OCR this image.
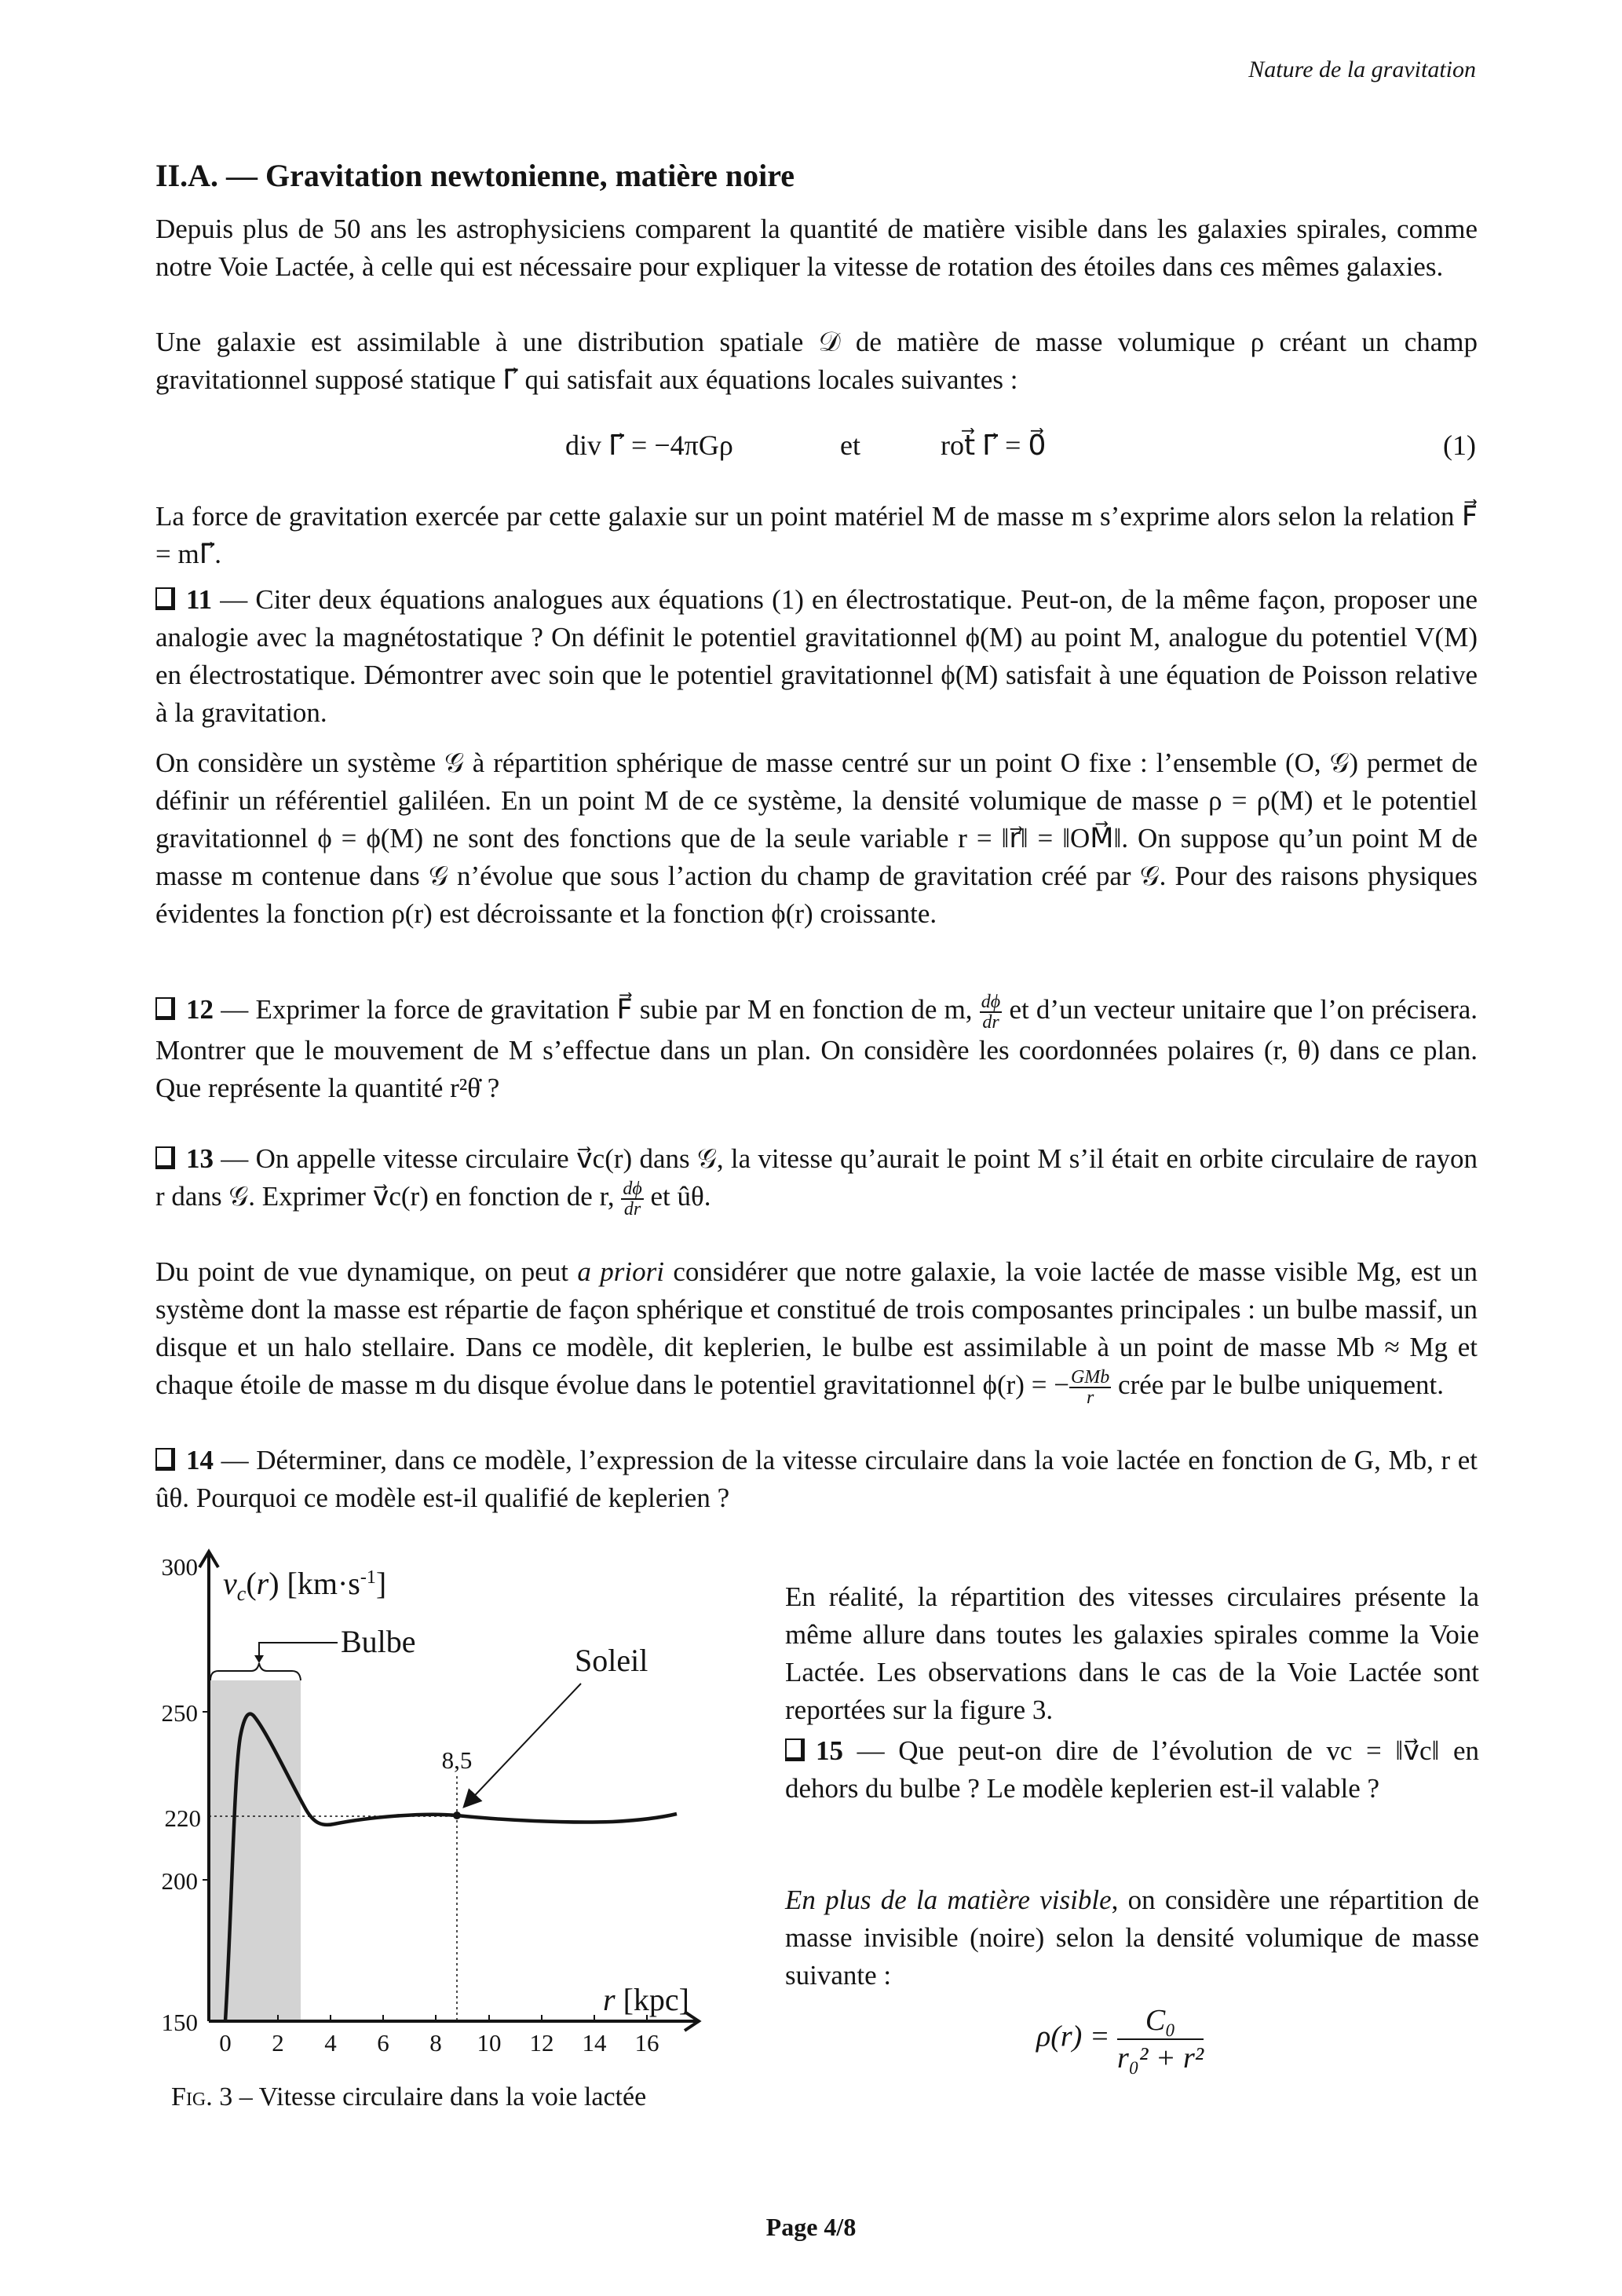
Nature de la gravitation
II.A. — Gravitation newtonienne, matière noire
Depuis plus de 50 ans les astrophysiciens comparent la quantité de matière visible dans les galaxies spirales, comme notre Voie Lactée, à celle qui est nécessaire pour expliquer la vitesse de rotation des étoiles dans ces mêmes galaxies.
Une galaxie est assimilable à une distribution spatiale 𝒟 de matière de masse volumique ρ créant un champ gravitationnel supposé statique Γ⃗ qui satisfait aux équations locales suivantes :
div Γ⃗ = −4πGρ	et	rot⃗ Γ⃗ = 0⃗	(1)
La force de gravitation exercée par cette galaxie sur un point matériel M de masse m s’exprime alors selon la relation F⃗ = mΓ⃗.
11 — Citer deux équations analogues aux équations (1) en électrostatique. Peut-on, de la même façon, proposer une analogie avec la magnétostatique ? On définit le potentiel gravitationnel ϕ(M) au point M, analogue du potentiel V(M) en électrostatique. Démontrer avec soin que le potentiel gravitationnel ϕ(M) satisfait à une équation de Poisson relative à la gravitation.
On considère un système 𝒢 à répartition sphérique de masse centré sur un point O fixe : l’ensemble (O, 𝒢) permet de définir un référentiel galiléen. En un point M de ce système, la densité volumique de masse ρ = ρ(M) et le potentiel gravitationnel ϕ = ϕ(M) ne sont des fonctions que de la seule variable r = ‖r⃗‖ = ‖OM⃗‖. On suppose qu’un point M de masse m contenue dans 𝒢 n’évolue que sous l’action du champ de gravitation créé par 𝒢. Pour des raisons physiques évidentes la fonction ρ(r) est décroissante et la fonction ϕ(r) croissante.
12 — Exprimer la force de gravitation F⃗ subie par M en fonction de m, $\frac{d\phi}{dr}$ et d’un vecteur unitaire que l’on précisera. Montrer que le mouvement de M s’effectue dans un plan. On considère les coordonnées polaires (r, θ) dans ce plan. Que représente la quantité r²θ̇ ?
13 — On appelle vitesse circulaire v⃗c(r) dans 𝒢, la vitesse qu’aurait le point M s’il était en orbite circulaire de rayon r dans 𝒢. Exprimer v⃗c(r) en fonction de r, $\frac{d\phi}{dr}$ et ûθ.
Du point de vue dynamique, on peut a priori considérer que notre galaxie, la voie lactée de masse visible Mg, est un système dont la masse est répartie de façon sphérique et constitué de trois composantes principales : un bulbe massif, un disque et un halo stellaire. Dans ce modèle, dit keplerien, le bulbe est assimilable à un point de masse Mb ≈ Mg et chaque étoile de masse m du disque évolue dans le potentiel gravitationnel ϕ(r) = − $\frac{\text{GMb}}{r}$ crée par le bulbe uniquement.
14 — Déterminer, dans ce modèle, l’expression de la vitesse circulaire dans la voie lactée en fonction de G, Mb, r et ûθ. Pourquoi ce modèle est-il qualifié de keplerien ?
0 2 4 6 8 10 12 14 16
150
200
220
250
300
8,5
$v_c(r)$ $[km\cdot s^{-1}]$
Bulbe
Soleil
r [kpc]
Fig. 3 – Vitesse circulaire dans la voie lactée
En réalité, la répartition des vitesses circulaires présente la même allure dans toutes les galaxies spirales comme la Voie Lactée. Les observations dans le cas de la Voie Lactée sont reportées sur la figure 3.
15 — Que peut-on dire de l’évolution de vc = ‖v⃗c‖ en dehors du bulbe ? Le modèle keplerien est-il valable ?
En plus de la matière visible, on considère une répartition de masse invisible (noire) selon la densité volumique de masse suivante :
$\rho(r) = \frac{\text{C₀}}{\text{r₀² + r²}}$
Page 4/8
